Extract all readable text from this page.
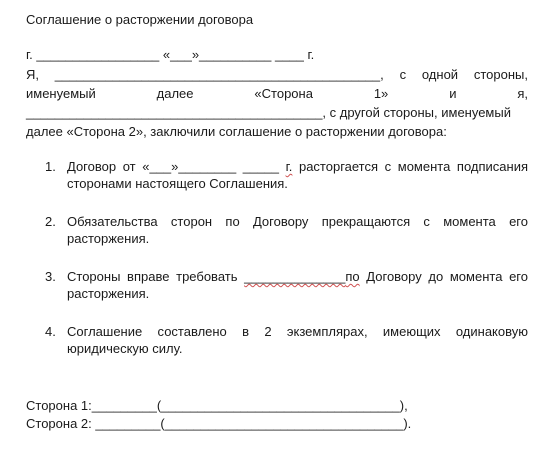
Соглашение о расторжении договора
г. _________________ «___»__________ ____ г.
Я, _____________________________________________, с одной стороны,
именуемый	далее	«Сторона	1»	и	я,
_________________________________________, с другой стороны, именуемый
далее «Сторона 2», заключили соглашение о расторжении договора:
1. Договор от «___»________ _____ г. расторгается с момента подписания сторонами настоящего Соглашения.
2. Обязательства сторон по Договору прекращаются с момента его расторжения.
3. Стороны вправе требовать ______________по Договору до момента его расторжения.
4. Соглашение составлено в 2 экземплярах, имеющих одинаковую юридическую силу.
Сторона 1:_________(_________________________________),
Сторона 2: _________(_________________________________).
